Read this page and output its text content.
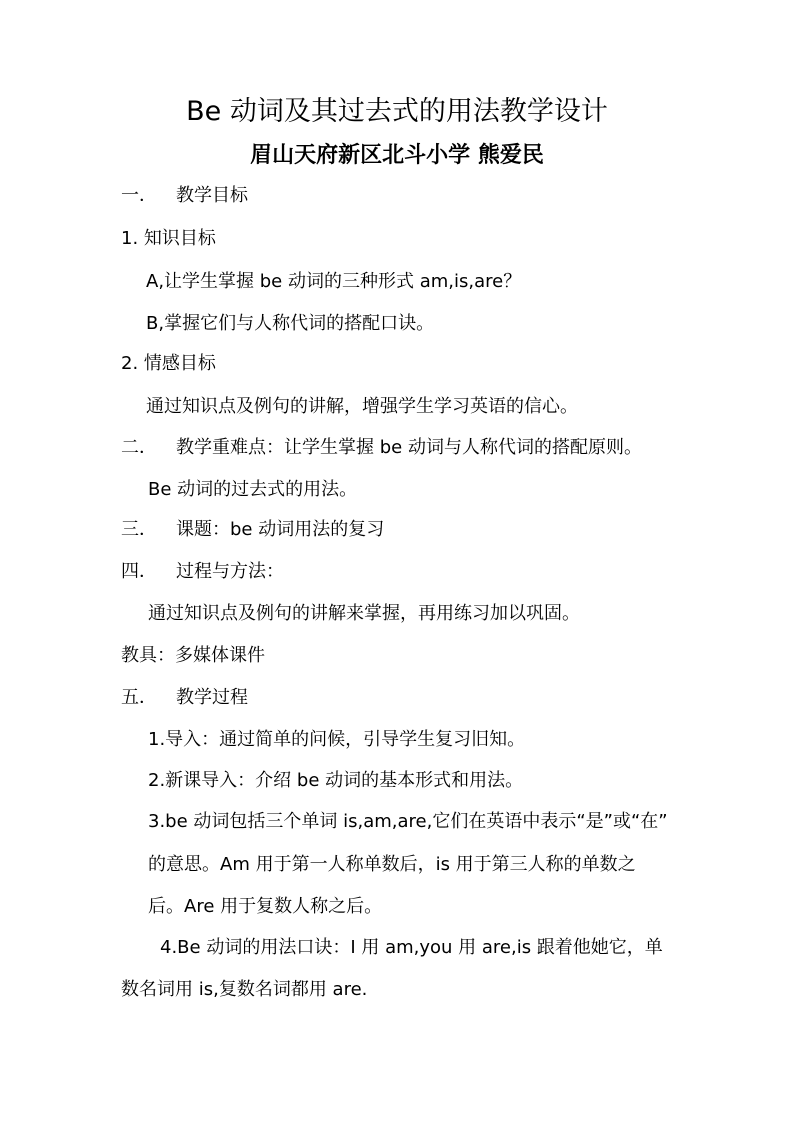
Be 动词及其过去式的用法教学设计
眉山天府新区北斗小学 熊爱民
一． 教学目标
1. 知识目标
A,让学生掌握 be 动词的三种形式 am,is,are？
B,掌握它们与人称代词的搭配口诀。
2. 情感目标
通过知识点及例句的讲解，增强学生学习英语的信心。
二． 教学重难点：让学生掌握 be 动词与人称代词的搭配原则。
Be 动词的过去式的用法。
三． 课题：be 动词用法的复习
四． 过程与方法：
通过知识点及例句的讲解来掌握，再用练习加以巩固。
教具：多媒体课件
五． 教学过程
1.导入：通过简单的问候，引导学生复习旧知。
2.新课导入：介绍 be 动词的基本形式和用法。
3.be 动词包括三个单词 is,am,are,它们在英语中表示“是”或“在”
的意思。Am 用于第一人称单数后，is 用于第三人称的单数之
后。Are 用于复数人称之后。
4.Be 动词的用法口诀：I 用 am,you 用 are,is 跟着他她它，单
数名词用 is,复数名词都用 are.
